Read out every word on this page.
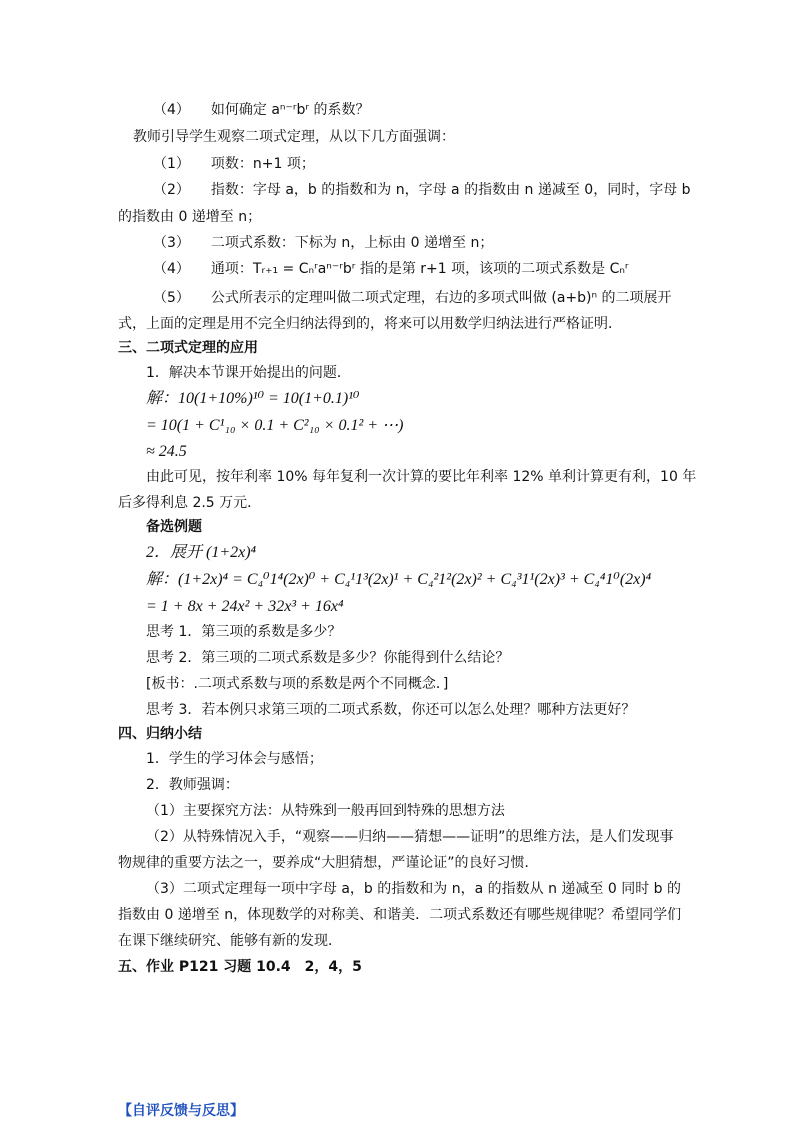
（4）　　如何确定 aⁿ⁻ʳbʳ 的系数？
教师引导学生观察二项式定理，从以下几方面强调：
（1）　　项数：n+1 项；
（2）　　指数：字母 a，b 的指数和为 n，字母 a 的指数由 n 递减至 0，同时，字母 b
的指数由 0 递增至 n；
（3）　　二项式系数：下标为 n，上标由 0 递增至 n；
（4）　　通项：Tᵣ₊₁ = Cₙʳaⁿ⁻ʳbʳ 指的是第 r+1 项，该项的二项式系数是 Cₙʳ
（5）　　公式所表示的定理叫做二项式定理，右边的多项式叫做 (a+b)ⁿ 的二项展开
式，上面的定理是用不完全归纳法得到的，将来可以用数学归纳法进行严格证明．
三、二项式定理的应用
1．解决本节课开始提出的问题．
解：10(1+10%)¹⁰ = 10(1+0.1)¹⁰
= 10(1 + C¹₁₀ × 0.1 + C²₁₀ × 0.1² + ⋯)
≈ 24.5
由此可见，按年利率 10% 每年复利一次计算的要比年利率 12% 单利计算更有利，10 年
后多得利息 2.5 万元．
备选例题
2．展开 (1+2x)⁴
解：(1+2x)⁴ = C₄⁰1⁴(2x)⁰ + C₄¹1³(2x)¹ + C₄²1²(2x)² + C₄³1¹(2x)³ + C₄⁴1⁰(2x)⁴
= 1 + 8x + 24x² + 32x³ + 16x⁴
思考 1．第三项的系数是多少？
思考 2．第三项的二项式系数是多少？你能得到什么结论？
[板书：.二项式系数与项的系数是两个不同概念．]
思考 3．若本例只求第三项的二项式系数，你还可以怎么处理？哪种方法更好？
四、归纳小结
1．学生的学习体会与感悟；
2．教师强调：
（1）主要探究方法：从特殊到一般再回到特殊的思想方法
（2）从特殊情况入手，“观察——归纳——猜想——证明”的思维方法，是人们发现事
物规律的重要方法之一，要养成“大胆猜想，严谨论证”的良好习惯．
（3）二项式定理每一项中字母 a，b 的指数和为 n，a 的指数从 n 递减至 0 同时 b 的
指数由 0 递增至 n，体现数学的对称美、和谐美．二项式系数还有哪些规律呢？希望同学们
在课下继续研究、能够有新的发现．
五、作业 P121 习题 10.4　2，4，5
【自评反馈与反思】
